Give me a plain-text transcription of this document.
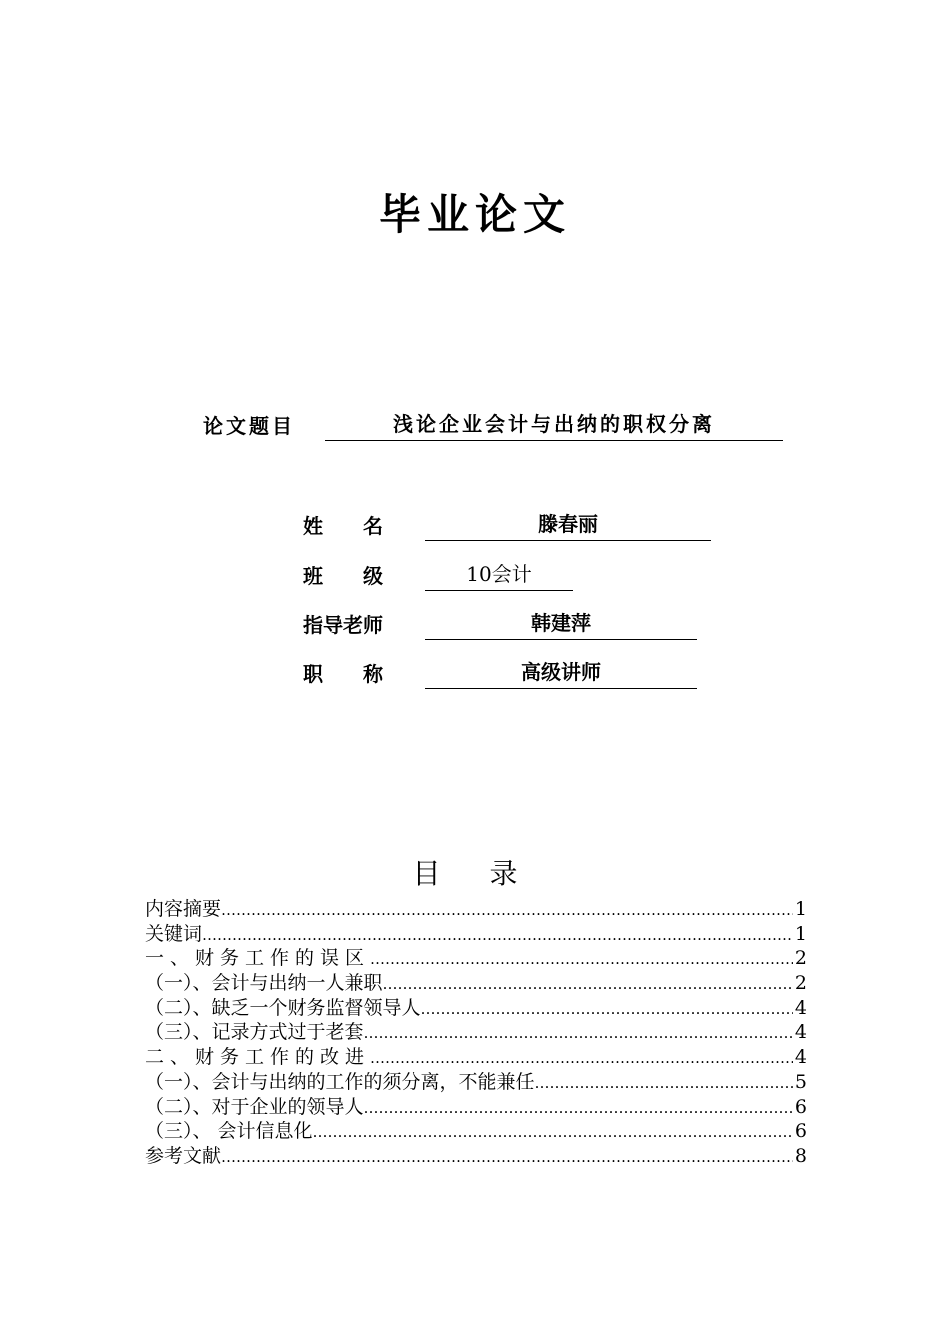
毕业论文
论文题目	浅论企业会计与出纳的职权分离
姓　　名	滕春丽
班　　级	10会计
指导老师	韩建萍
职　　称	高级讲师
目 录
内容摘要 ………………………………………………………………………………………………………………………………	1
关键词 ………………………………………………………………………………………………………………………………	1
一、财务工作的误区 ………………………………………………………………………………………………………………………………	2
（一）、会计与出纳一人兼职 ………………………………………………………………………………………………………………………………	2
（二）、缺乏一个财务监督领导人 ………………………………………………………………………………………………………………………………	4
（三）、记录方式过于老套 ………………………………………………………………………………………………………………………………	4
二、财务工作的改进 ………………………………………………………………………………………………………………………………	4
（一）、会计与出纳的工作的须分离，不能兼任 ………………………………………………………………………………………………………………………………	5
（二）、对于企业的领导人 ………………………………………………………………………………………………………………………………	6
（三）、 会计信息化 ………………………………………………………………………………………………………………………………	6
参考文献 ………………………………………………………………………………………………………………………………	8
